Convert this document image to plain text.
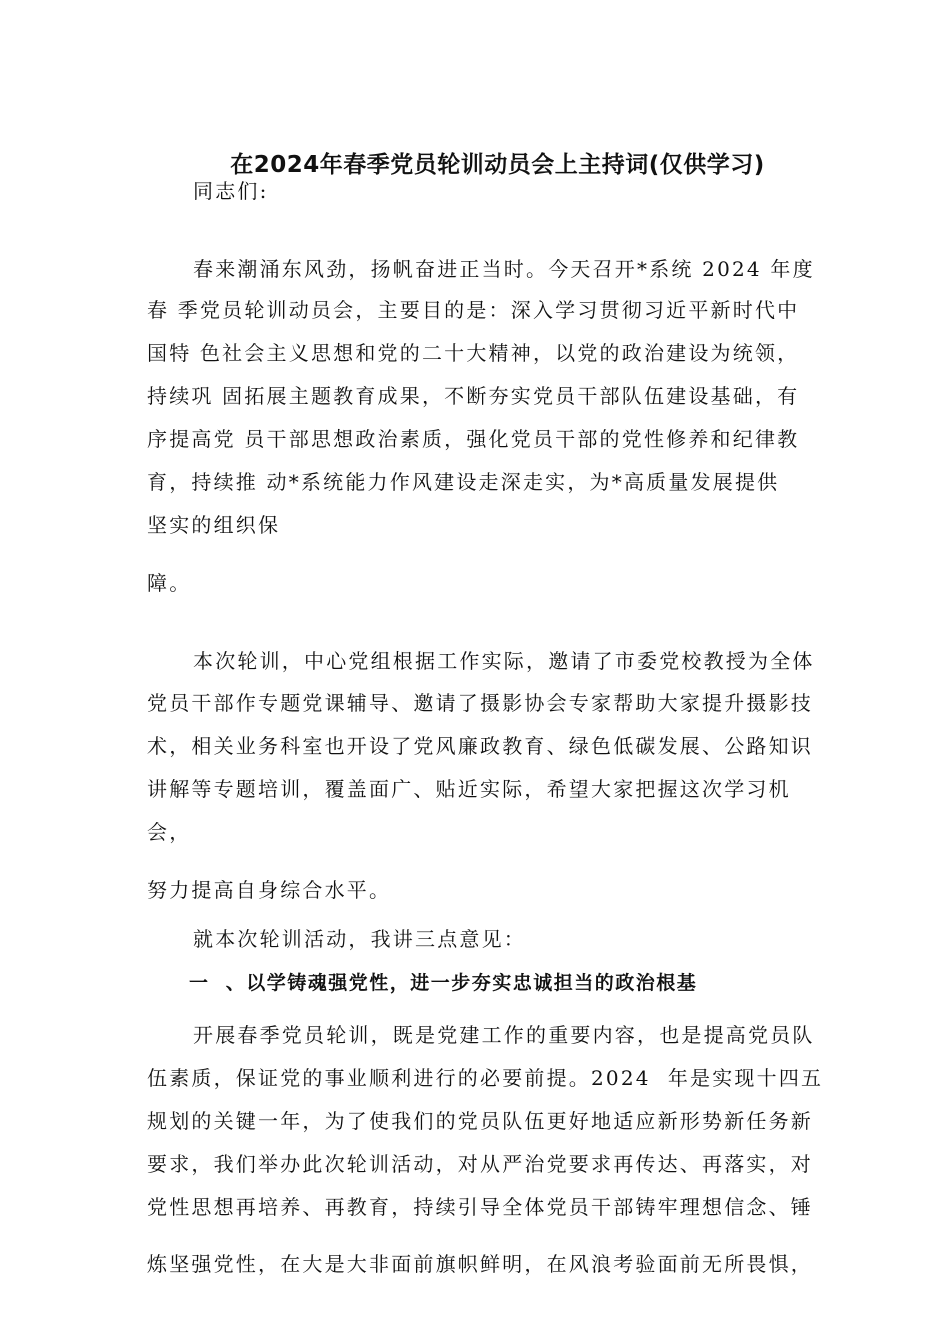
在2024年春季党员轮训动员会上主持词(仅供学习)
同志们:
春来潮涌东风劲，扬帆奋进正当时。今天召开*系统 2024 年度
春 季党员轮训动员会，主要目的是：深入学习贯彻习近平新时代中
国特 色社会主义思想和党的二十大精神，以党的政治建设为统领，
持续巩 固拓展主题教育成果，不断夯实党员干部队伍建设基础，有
序提高党 员干部思想政治素质，强化党员干部的党性修养和纪律教
育，持续推 动*系统能力作风建设走深走实，为*高质量发展提供
坚实的组织保
障。
本次轮训，中心党组根据工作实际，邀请了市委党校教授为全体
党员干部作专题党课辅导、邀请了摄影协会专家帮助大家提升摄影技
术，相关业务科室也开设了党风廉政教育、绿色低碳发展、公路知识
讲解等专题培训，覆盖面广、贴近实际，希望大家把握这次学习机
会，
努力提高自身综合水平。
就本次轮训活动，我讲三点意见：
一  、以学铸魂强党性，进一步夯实忠诚担当的政治根基
开展春季党员轮训，既是党建工作的重要内容，也是提高党员队
伍素质，保证党的事业顺利进行的必要前提。2024  年是实现十四五
规划的关键一年，为了使我们的党员队伍更好地适应新形势新任务新
要求，我们举办此次轮训活动，对从严治党要求再传达、再落实，对
党性思想再培养、再教育，持续引导全体党员干部铸牢理想信念、锤
炼坚强党性，在大是大非面前旗帜鲜明，在风浪考验面前无所畏惧，
